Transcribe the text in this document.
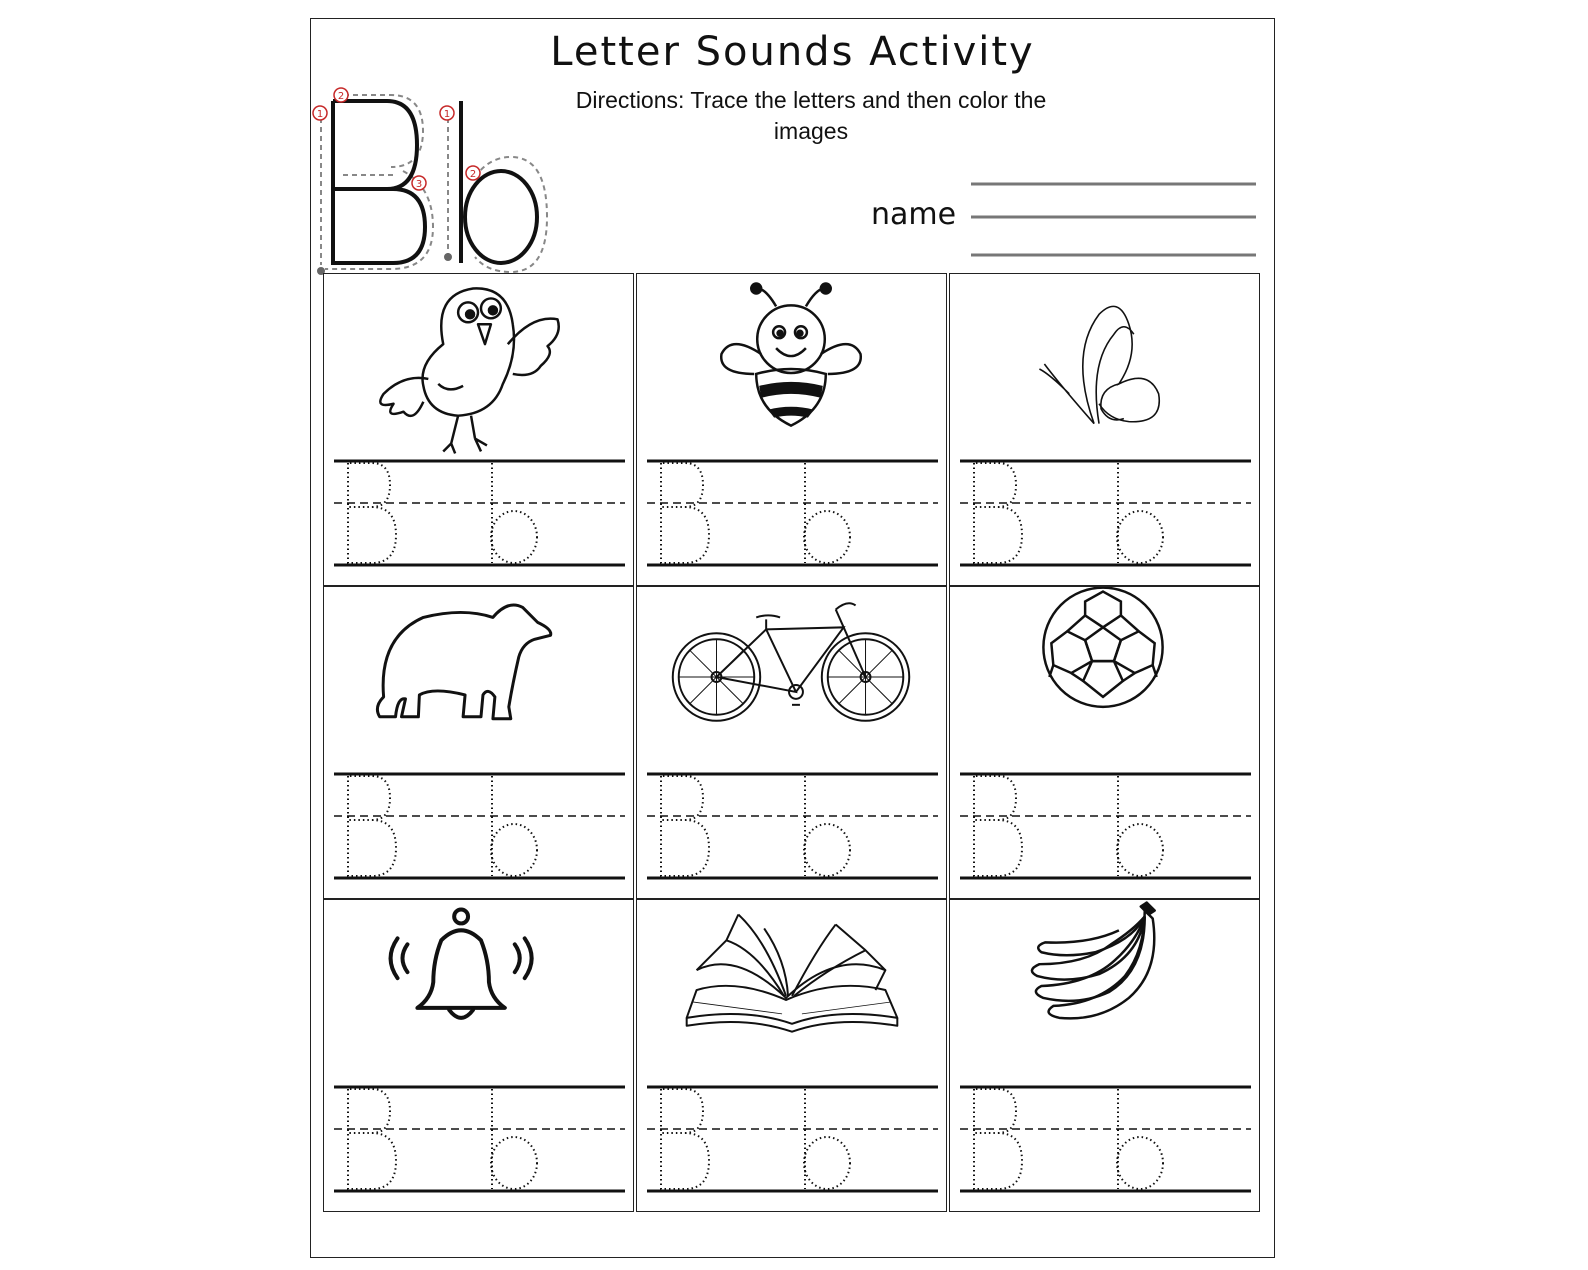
1
2
3
1
2
Letter Sounds Activity
Directions: Trace the letters and then color the images
name
